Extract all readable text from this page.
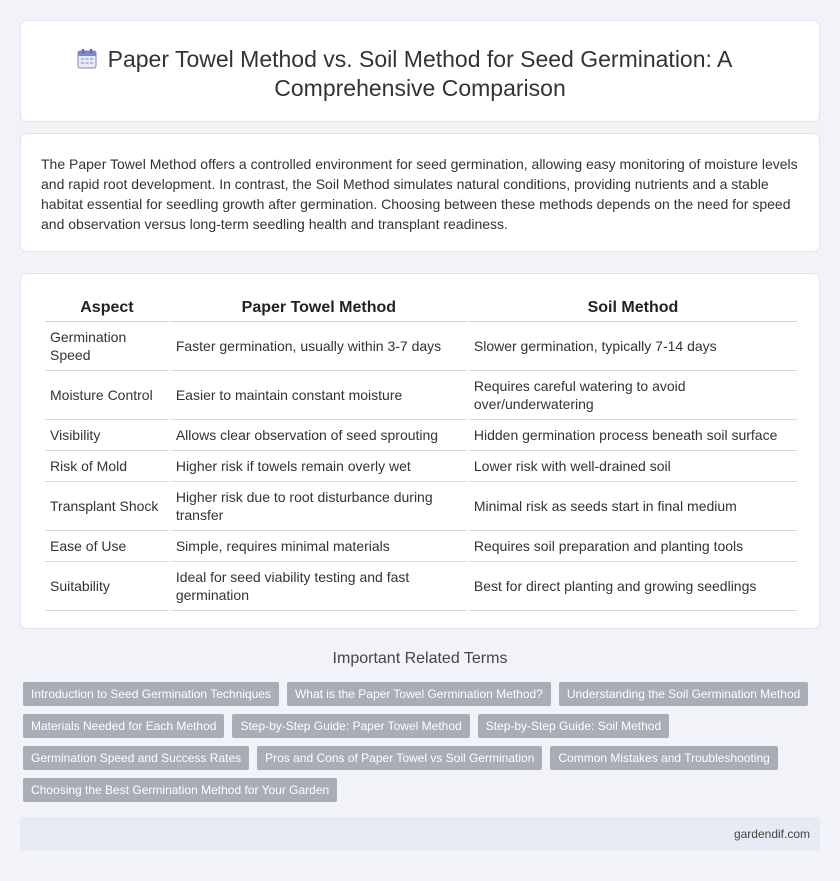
Paper Towel Method vs. Soil Method for Seed Germination: A Comprehensive Comparison

The Paper Towel Method offers a controlled environment for seed germination, allowing easy monitoring of moisture levels and rapid root development. In contrast, the Soil Method simulates natural conditions, providing nutrients and a stable habitat essential for seedling growth after germination. Choosing between these methods depends on the need for speed and observation versus long-term seedling health and transplant readiness.

Aspect	Paper Towel Method	Soil Method
Germination Speed	Faster germination, usually within 3-7 days	Slower germination, typically 7-14 days
Moisture Control	Easier to maintain constant moisture	Requires careful watering to avoid over/underwatering
Visibility	Allows clear observation of seed sprouting	Hidden germination process beneath soil surface
Risk of Mold	Higher risk if towels remain overly wet	Lower risk with well-drained soil
Transplant Shock	Higher risk due to root disturbance during transfer	Minimal risk as seeds start in final medium
Ease of Use	Simple, requires minimal materials	Requires soil preparation and planting tools
Suitability	Ideal for seed viability testing and fast germination	Best for direct planting and growing seedlings
Important Related Terms
Introduction to Seed Germination Techniques	What is the Paper Towel Germination Method?	Understanding the Soil Germination Method
Materials Needed for Each Method	Step-by-Step Guide: Paper Towel Method	Step-by-Step Guide: Soil Method
Germination Speed and Success Rates	Pros and Cons of Paper Towel vs Soil Germination	Common Mistakes and Troubleshooting
Choosing the Best Germination Method for Your Garden
gardendif.com
